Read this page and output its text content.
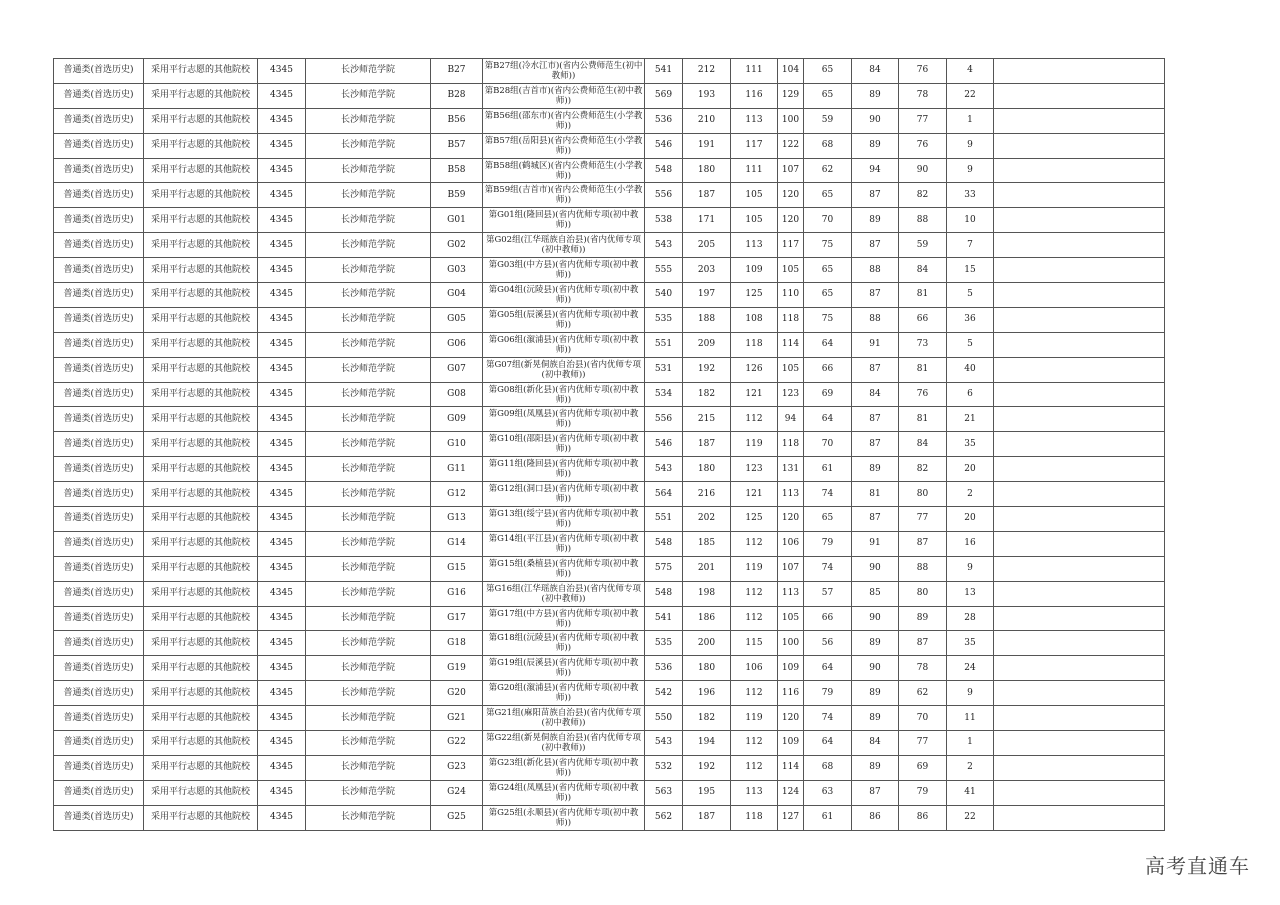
普通类(首选历史)	采用平行志愿的其他院校	4345	长沙师范学院	B27	第B27组(冷水江市)(省内公费师范生(初中教师))	541	212	111	104	65	84	76	4	
普通类(首选历史)	采用平行志愿的其他院校	4345	长沙师范学院	B28	第B28组(吉首市)(省内公费师范生(初中教师))	569	193	116	129	65	89	78	22	
普通类(首选历史)	采用平行志愿的其他院校	4345	长沙师范学院	B56	第B56组(邵东市)(省内公费师范生(小学教师))	536	210	113	100	59	90	77	1	
普通类(首选历史)	采用平行志愿的其他院校	4345	长沙师范学院	B57	第B57组(岳阳县)(省内公费师范生(小学教师))	546	191	117	122	68	89	76	9	
普通类(首选历史)	采用平行志愿的其他院校	4345	长沙师范学院	B58	第B58组(鹤城区)(省内公费师范生(小学教师))	548	180	111	107	62	94	90	9	
普通类(首选历史)	采用平行志愿的其他院校	4345	长沙师范学院	B59	第B59组(吉首市)(省内公费师范生(小学教师))	556	187	105	120	65	87	82	33	
普通类(首选历史)	采用平行志愿的其他院校	4345	长沙师范学院	G01	第G01组(隆回县)(省内优师专项(初中教师))	538	171	105	120	70	89	88	10	
普通类(首选历史)	采用平行志愿的其他院校	4345	长沙师范学院	G02	第G02组(江华瑶族自治县)(省内优师专项(初中教师))	543	205	113	117	75	87	59	7	
普通类(首选历史)	采用平行志愿的其他院校	4345	长沙师范学院	G03	第G03组(中方县)(省内优师专项(初中教师))	555	203	109	105	65	88	84	15	
普通类(首选历史)	采用平行志愿的其他院校	4345	长沙师范学院	G04	第G04组(沅陵县)(省内优师专项(初中教师))	540	197	125	110	65	87	81	5	
普通类(首选历史)	采用平行志愿的其他院校	4345	长沙师范学院	G05	第G05组(辰溪县)(省内优师专项(初中教师))	535	188	108	118	75	88	66	36	
普通类(首选历史)	采用平行志愿的其他院校	4345	长沙师范学院	G06	第G06组(溆浦县)(省内优师专项(初中教师))	551	209	118	114	64	91	73	5	
普通类(首选历史)	采用平行志愿的其他院校	4345	长沙师范学院	G07	第G07组(新晃侗族自治县)(省内优师专项(初中教师))	531	192	126	105	66	87	81	40	
普通类(首选历史)	采用平行志愿的其他院校	4345	长沙师范学院	G08	第G08组(新化县)(省内优师专项(初中教师))	534	182	121	123	69	84	76	6	
普通类(首选历史)	采用平行志愿的其他院校	4345	长沙师范学院	G09	第G09组(凤凰县)(省内优师专项(初中教师))	556	215	112	94	64	87	81	21	
普通类(首选历史)	采用平行志愿的其他院校	4345	长沙师范学院	G10	第G10组(邵阳县)(省内优师专项(初中教师))	546	187	119	118	70	87	84	35	
普通类(首选历史)	采用平行志愿的其他院校	4345	长沙师范学院	G11	第G11组(隆回县)(省内优师专项(初中教师))	543	180	123	131	61	89	82	20	
普通类(首选历史)	采用平行志愿的其他院校	4345	长沙师范学院	G12	第G12组(洞口县)(省内优师专项(初中教师))	564	216	121	113	74	81	80	2	
普通类(首选历史)	采用平行志愿的其他院校	4345	长沙师范学院	G13	第G13组(绥宁县)(省内优师专项(初中教师))	551	202	125	120	65	87	77	20	
普通类(首选历史)	采用平行志愿的其他院校	4345	长沙师范学院	G14	第G14组(平江县)(省内优师专项(初中教师))	548	185	112	106	79	91	87	16	
普通类(首选历史)	采用平行志愿的其他院校	4345	长沙师范学院	G15	第G15组(桑植县)(省内优师专项(初中教师))	575	201	119	107	74	90	88	9	
普通类(首选历史)	采用平行志愿的其他院校	4345	长沙师范学院	G16	第G16组(江华瑶族自治县)(省内优师专项(初中教师))	548	198	112	113	57	85	80	13	
普通类(首选历史)	采用平行志愿的其他院校	4345	长沙师范学院	G17	第G17组(中方县)(省内优师专项(初中教师))	541	186	112	105	66	90	89	28	
普通类(首选历史)	采用平行志愿的其他院校	4345	长沙师范学院	G18	第G18组(沅陵县)(省内优师专项(初中教师))	535	200	115	100	56	89	87	35	
普通类(首选历史)	采用平行志愿的其他院校	4345	长沙师范学院	G19	第G19组(辰溪县)(省内优师专项(初中教师))	536	180	106	109	64	90	78	24	
普通类(首选历史)	采用平行志愿的其他院校	4345	长沙师范学院	G20	第G20组(溆浦县)(省内优师专项(初中教师))	542	196	112	116	79	89	62	9	
普通类(首选历史)	采用平行志愿的其他院校	4345	长沙师范学院	G21	第G21组(麻阳苗族自治县)(省内优师专项(初中教师))	550	182	119	120	74	89	70	11	
普通类(首选历史)	采用平行志愿的其他院校	4345	长沙师范学院	G22	第G22组(新晃侗族自治县)(省内优师专项(初中教师))	543	194	112	109	64	84	77	1	
普通类(首选历史)	采用平行志愿的其他院校	4345	长沙师范学院	G23	第G23组(新化县)(省内优师专项(初中教师))	532	192	112	114	68	89	69	2	
普通类(首选历史)	采用平行志愿的其他院校	4345	长沙师范学院	G24	第G24组(凤凰县)(省内优师专项(初中教师))	563	195	113	124	63	87	79	41	
普通类(首选历史)	采用平行志愿的其他院校	4345	长沙师范学院	G25	第G25组(永顺县)(省内优师专项(初中教师))	562	187	118	127	61	86	86	22	
高考直通车
